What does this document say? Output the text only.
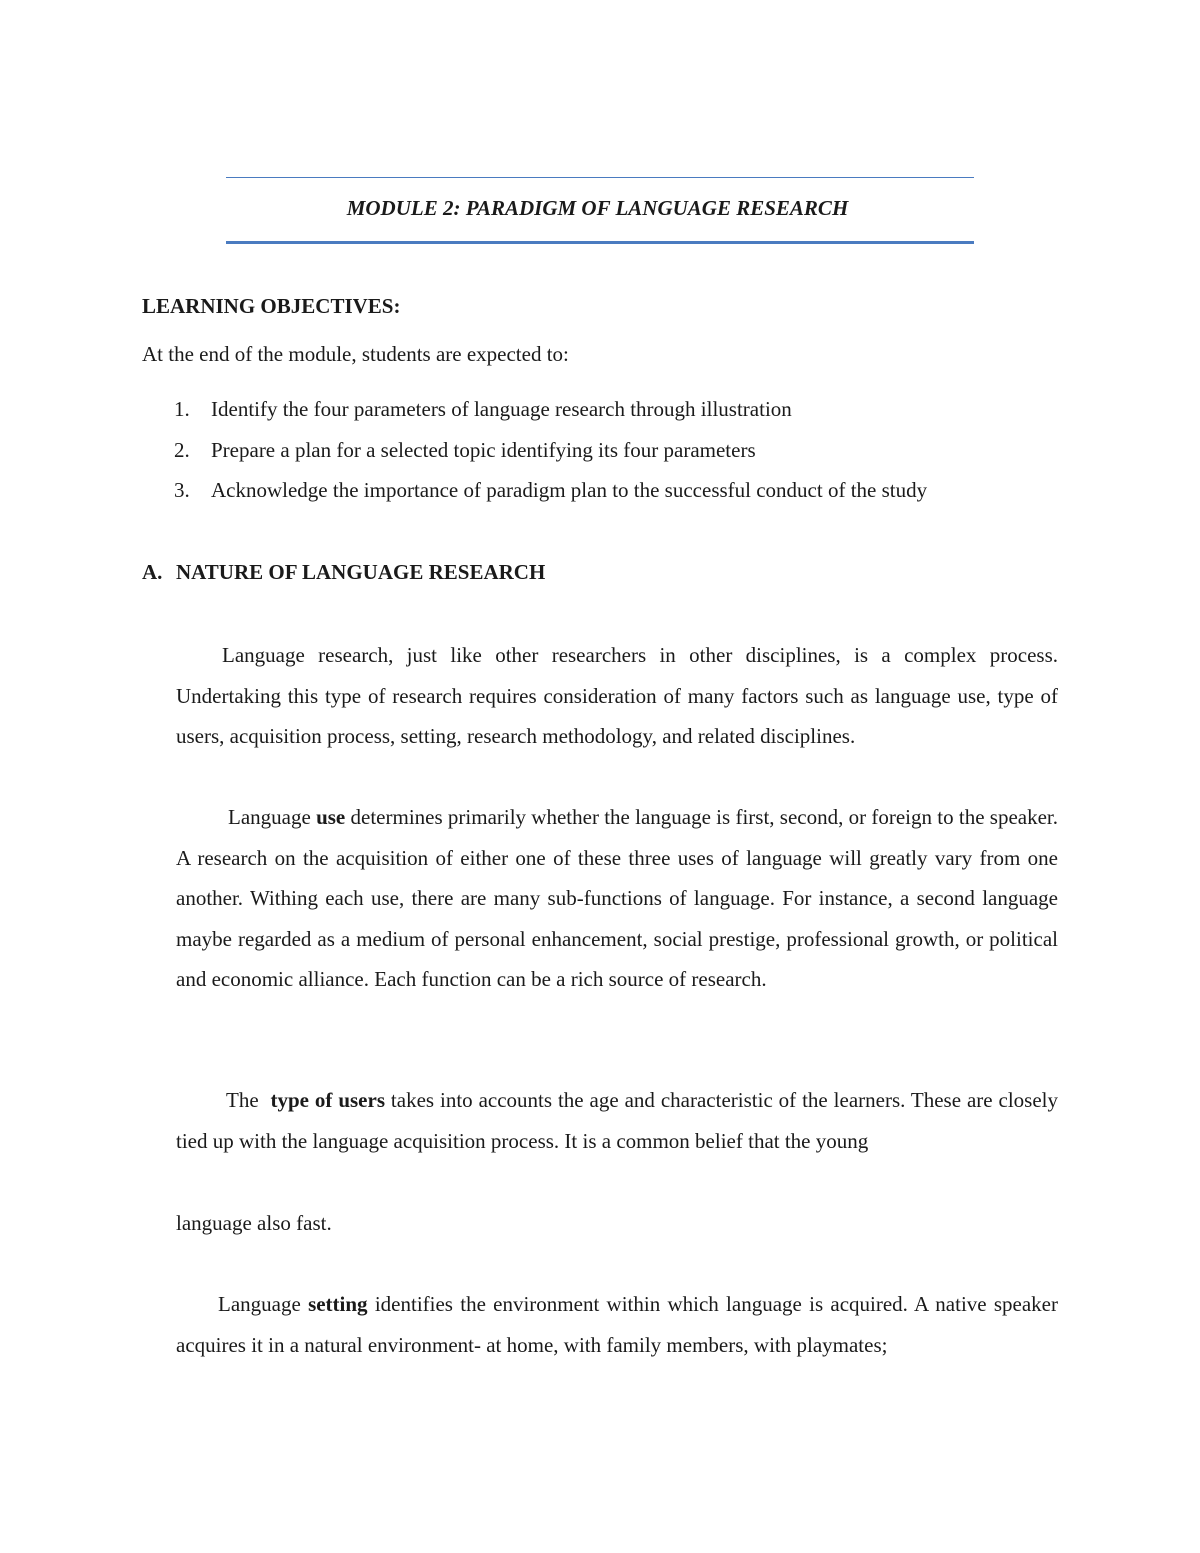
MODULE 2: PARADIGM OF LANGUAGE RESEARCH
LEARNING OBJECTIVES:

At the end of the module, students are expected to:

1. Identify the four parameters of language research through illustration
2. Prepare a plan for a selected topic identifying its four parameters
3. Acknowledge the importance of paradigm plan to the successful conduct of the study
A. NATURE OF LANGUAGE RESEARCH

Language research, just like other researchers in other disciplines, is a complex process. Undertaking this type of research requires consideration of many factors such as language use, type of users, acquisition process, setting, research methodology, and related disciplines.

Language use determines primarily whether the language is first, second, or foreign to the speaker. A research on the acquisition of either one of these three uses of language will greatly vary from one another. Withing each use, there are many sub-functions of language. For instance, a second language maybe regarded as a medium of personal enhancement, social prestige, professional growth, or political and economic alliance. Each function can be a rich source of research.

The  type of users takes into accounts the age and characteristic of the learners. These are closely tied up with the language acquisition process. It is a common belief that the young

language also fast.

Language setting identifies the environment within which language is acquired. A native speaker acquires it in a natural environment- at home, with family members, with playmates;
